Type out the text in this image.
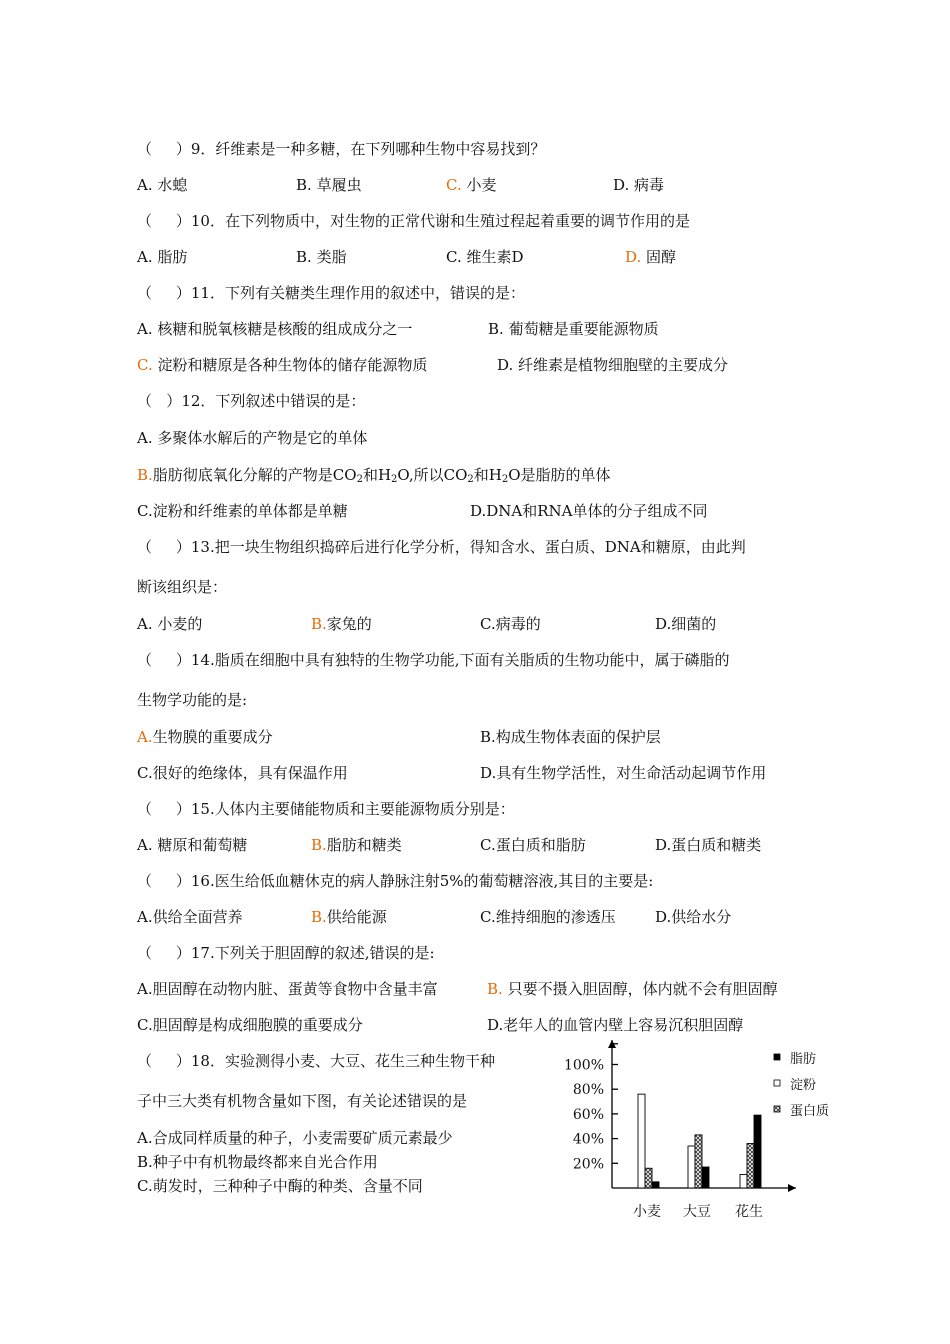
（     ）9．纤维素是一种多糖，在下列哪种生物中容易找到？
A. 水螅	B. 草履虫	C. 小麦	D. 病毒
（     ）10．在下列物质中，对生物的正常代谢和生殖过程起着重要的调节作用的是
A. 脂肪	B. 类脂	C. 维生素D	D. 固醇
（     ）11．下列有关糖类生理作用的叙述中，错误的是：
A. 核糖和脱氧核糖是核酸的组成成分之一	B. 葡萄糖是重要能源物质
C. 淀粉和糖原是各种生物体的储存能源物质	D. 纤维素是植物细胞壁的主要成分
（   ）12．下列叙述中错误的是：
A. 多聚体水解后的产物是它的单体
B.脂肪彻底氧化分解的产物是$CO_2$和$H_2O$,所以$CO_2$和$H_2O$是脂肪的单体
C.淀粉和纤维素的单体都是单糖	D.DNA和RNA单体的分子组成不同
（     ）13.把一块生物组织捣碎后进行化学分析，得知含水、蛋白质、DNA和糖原，由此判
断该组织是：
A. 小麦的	B.家兔的	C.病毒的	D.细菌的
（     ）14.脂质在细胞中具有独特的生物学功能,下面有关脂质的生物功能中，属于磷脂的
生物学功能的是:
A.生物膜的重要成分	B.构成生物体表面的保护层
C.很好的绝缘体，具有保温作用	D.具有生物学活性，对生命活动起调节作用
（     ）15.人体内主要储能物质和主要能源物质分别是：
A. 糖原和葡萄糖	B.脂肪和糖类	C.蛋白质和脂肪	D.蛋白质和糖类
（     ）16.医生给低血糖休克的病人静脉注射5%的葡萄糖溶液,其目的主要是:
A.供给全面营养	B.供给能源	C.维持细胞的渗透压	D.供给水分
（     ）17.下列关于胆固醇的叙述,错误的是:
A.胆固醇在动物内脏、蛋黄等食物中含量丰富	B. 只要不摄入胆固醇，体内就不会有胆固醇
C.胆固醇是构成细胞膜的重要成分	D.老年人的血管内壁上容易沉积胆固醇
（     ）18．实验测得小麦、大豆、花生三种生物干种
子中三大类有机物含量如下图，有关论述错误的是
A.合成同样质量的种子，小麦需要矿质元素最少
B.种子中有机物最终都来自光合作用
C.萌发时，三种种子中酶的种类、含量不同
20%
40%
60%
80%
100%
小麦 大豆 花生
脂肪
淀粉
蛋白质
